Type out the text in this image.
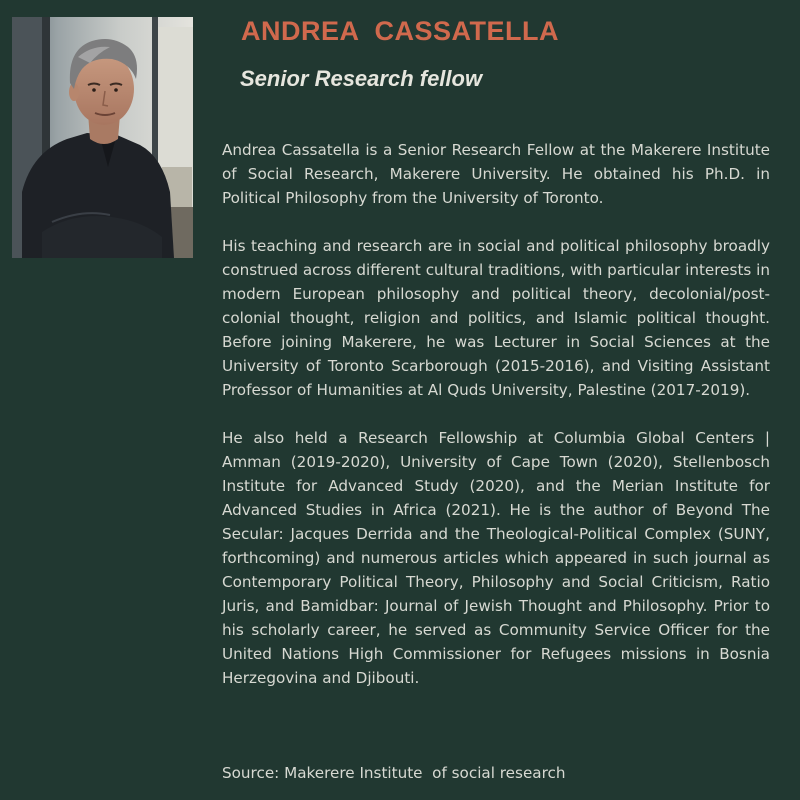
ANDREA  CASSATELLA
Senior Research fellow

Andrea Cassatella is a Senior Research Fellow at the Makerere Institute of Social Research, Makerere University. He obtained his Ph.D. in Political Philosophy from the University of Toronto.

His teaching and research are in social and political philosophy broadly construed across different cultural traditions, with particular interests in modern European philosophy and political theory, decolonial/post-colonial thought, religion and politics, and Islamic political thought. Before joining Makerere, he was Lecturer in Social Sciences at the University of Toronto Scarborough (2015-2016), and Visiting Assistant Professor of Humanities at Al Quds University, Palestine (2017-2019).

He also held a Research Fellowship at Columbia Global Centers | Amman (2019-2020), University of Cape Town (2020), Stellenbosch Institute for Advanced Study (2020), and the Merian Institute for Advanced Studies in Africa (2021). He is the author of Beyond The Secular: Jacques Derrida and the Theological-Political Complex (SUNY, forthcoming) and numerous articles which appeared in such journal as Contemporary Political Theory, Philosophy and Social Criticism, Ratio Juris, and Bamidbar: Journal of Jewish Thought and Philosophy. Prior to his scholarly career, he served as Community Service Officer for the United Nations High Commissioner for Refugees missions in Bosnia Herzegovina and Djibouti.

Source: Makerere Institute  of social research
